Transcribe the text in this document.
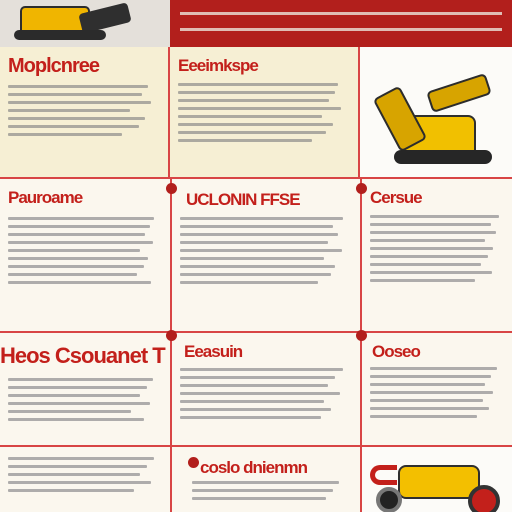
Moplcnree	Eeeimkspe
Pauroame	UCLONIN FFSE	Cersue
Heos Csouanet T Eeasuin	Ooseo
coslo dnienmn
